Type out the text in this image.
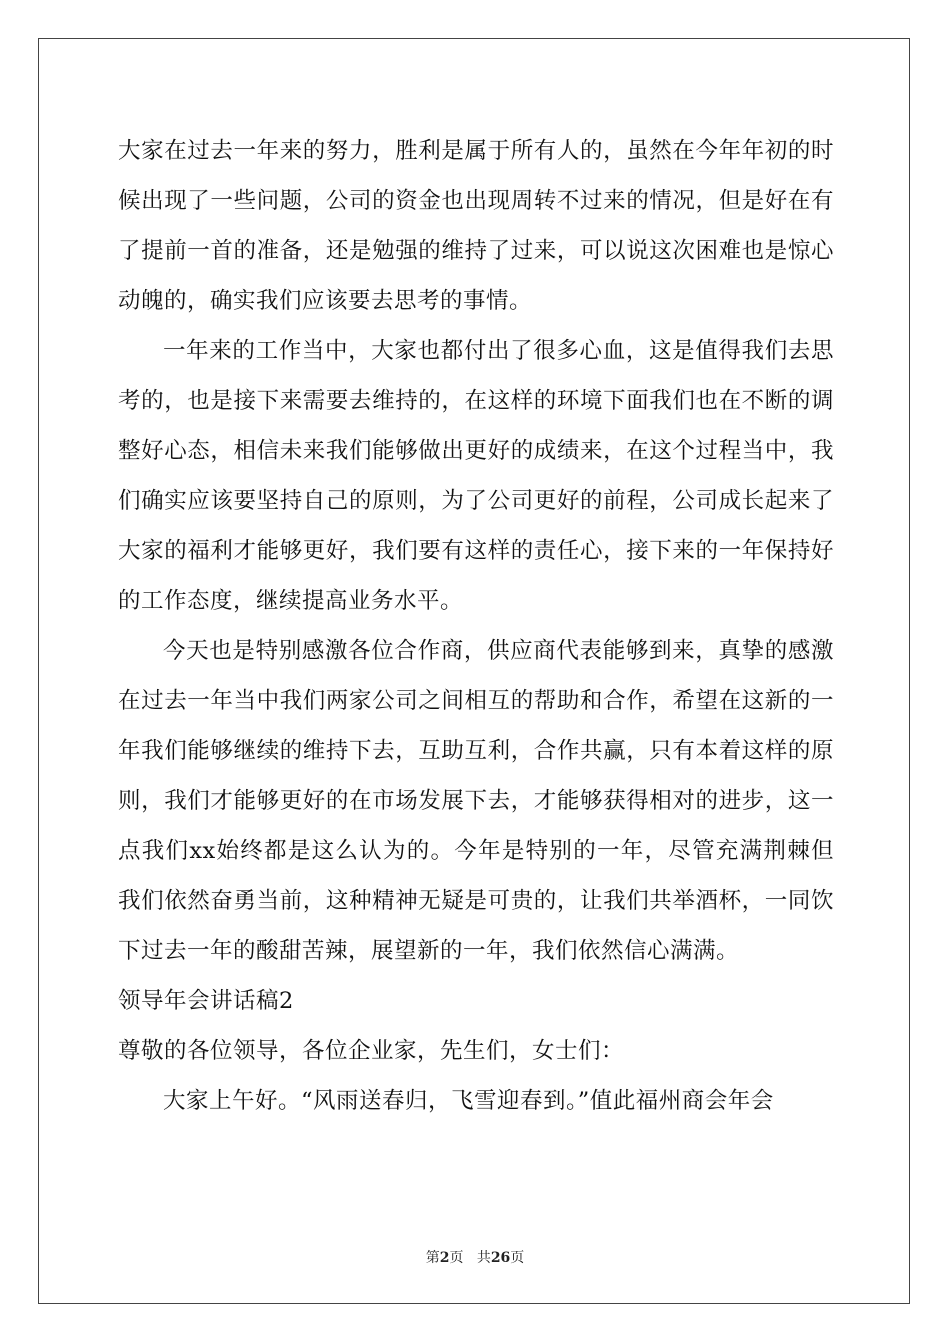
大家在过去一年来的努力，胜利是属于所有人的，虽然在今年年初的时候出现了一些问题，公司的资金也出现周转不过来的情况，但是好在有了提前一首的准备，还是勉强的维持了过来，可以说这次困难也是惊心动魄的，确实我们应该要去思考的事情。

一年来的工作当中，大家也都付出了很多心血，这是值得我们去思考的，也是接下来需要去维持的，在这样的环境下面我们也在不断的调整好心态，相信未来我们能够做出更好的成绩来，在这个过程当中，我们确实应该要坚持自己的原则，为了公司更好的前程，公司成长起来了大家的福利才能够更好，我们要有这样的责任心，接下来的一年保持好的工作态度，继续提高业务水平。

今天也是特别感激各位合作商，供应商代表能够到来，真挚的感激在过去一年当中我们两家公司之间相互的帮助和合作，希望在这新的一年我们能够继续的维持下去，互助互利，合作共赢，只有本着这样的原则，我们才能够更好的在市场发展下去，才能够获得相对的进步，这一点我们xx始终都是这么认为的。今年是特别的一年，尽管充满荆棘但我们依然奋勇当前，这种精神无疑是可贵的，让我们共举酒杯，一同饮下过去一年的酸甜苦辣，展望新的一年，我们依然信心满满。

领导年会讲话稿2

尊敬的各位领导，各位企业家，先生们，女士们：

大家上午好。“风雨送春归，飞雪迎春到。”值此福州商会年会

第2页 共26页
